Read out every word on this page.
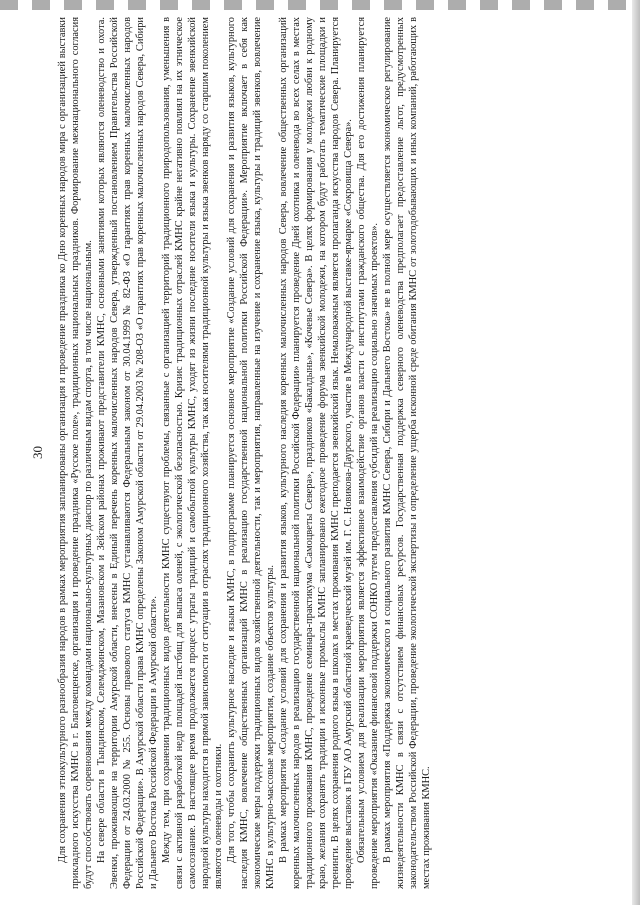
30 Для сохранения этнокультурного разнообразия народов в рамках мероприятия запланированы организация и проведение праздника ко Дню коренных народов мира с организацией выставки прикладного искусства КМНС в г. Благовещенске, организация и проведение праздника «Русское поле», традиционных национальных праздников. Формирование межнационального согласия будут способствовать соревнования между командами национально-культурных диаспор по различным видам спорта, в том числе национальным. На севере области в Тындинском, Селемджинском, Мазановском и Зейском районах проживают представители КМНС, основными занятиями которых являются оленеводство и охота. Эвенки, проживающие на территории Амурской области, внесены в Единый перечень коренных малочисленных народов Севера, утвержденный постановлением Правительства Российской Федерации от 24.03.2000 № 255. Основы правового статуса КМНС устанавливаются Федеральным законом от 30.04.1999 № 82-ФЗ «О гарантиях прав коренных малочисленных народов Российской Федерации». В Амурской области права КМНС определены Законом Амурской области от 29.04.2003 № 208-ОЗ «О гарантиях прав коренных малочисленных народов Севера, Сибири и Дальнего Востока Российской Федерации в Амурской области». Между тем, при сохранении традиционных видов деятельности КМНС существуют проблемы, связанные с организацией территорий традиционного природопользования, уменьшения в связи с активной разработкой недр площадей пастбищ для выпаса оленей, с экологической безопасностью. Кризис традиционных отраслей КМНС крайне негативно повлиял на их этническое самосознание. В настоящее время продолжается процесс утраты традиций и самобытной культуры КМНС, уходят из жизни последние носители языка и культуры. Сохранение эвенкийской народной культуры находится в прямой зависимости от ситуации в отраслях традиционного хозяйства, так как носителями традиционной культуры и языка эвенков наряду со старшим поколением являются оленеводы и охотники. Для того, чтобы сохранить культурное наследие и языки КМНС, в подпрограмме планируется основное мероприятие «Создание условий для сохранения и развития языков, культурного наследия КМНС, вовлечение общественных организаций КМНС в реализацию государственной национальной политики Российской Федерации». Мероприятие включает в себя как экономические меры поддержки традиционных видов хозяйственной деятельности, так и мероприятия, направленные на изучение и сохранение языка, культуры и традиций эвенков, вовлечение КМНС в культурно-массовые мероприятия, создание объектов культуры. В рамках мероприятия «Создание условий для сохранения и развития языков, культурного наследия коренных малочисленных народов Севера, вовлечение общественных организаций коренных малочисленных народов в реализацию государственной национальной политики Российской Федерации» планируется проведение Дней охотника и оленевода во всех селах в местах традиционного проживания КМНС, проведение семинара-практикума «Самоцветы Севера», праздников «Бакалдынь», «Кочевье Севера». В целях формирования у молодежи любви к родному краю, желания сохранять традиции и исконные промыслы КМНС запланировано ежегодное проведение форума эвенкийской молодежи, на котором будут работать тематические площадки и тренинги. В целях сохранения родного языка в школах в местах проживания КМНС преподается эвенкийский язык. Немаловажным является пропаганда искусства народов Севера. Планируется проведение выставок в ГБУ АО Амурский областной краеведческий музей им. Г. С. Новикова-Даурского, участие в Международной выставке-ярмарке «Сокровища Севера». Обязательным условием для реализации мероприятия является эффективное взаимодействие органов власти с институтами гражданского общества. Для его достижения планируется проведение мероприятия «Оказание финансовой поддержки СОНКО путем предоставления субсидий на реализацию социально значимых проектов». В рамках мероприятия «Поддержка экономического и социального развития КМНС Севера, Сибири и Дальнего Востока» не в полной мере осуществляется экономическое регулирование жизнедеятельности КМНС в связи с отсутствием финансовых ресурсов. Государственная поддержка северного оленеводства предполагает предоставление льгот, предусмотренных законодательством Российской Федерации, проведение экологической экспертизы и определение ущерба исконной среде обитания КМНС от золотодобывающих и иных компаний, работающих в местах проживания КМНС.
